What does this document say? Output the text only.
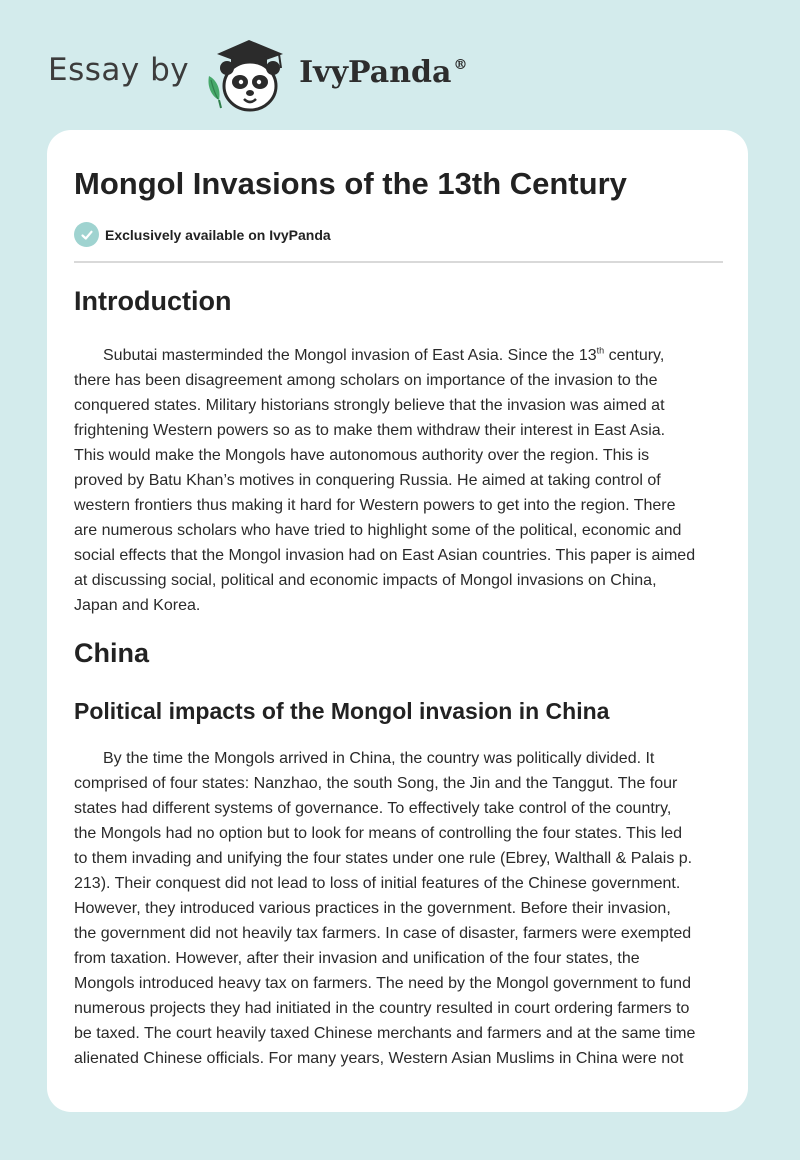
Essay by	IvyPanda®
Mongol Invasions of the 13th Century
Exclusively available on IvyPanda
Introduction

Subutai masterminded the Mongol invasion of East Asia. Since the 13th century,
there has been disagreement among scholars on importance of the invasion to the
conquered states. Military historians strongly believe that the invasion was aimed at
frightening Western powers so as to make them withdraw their interest in East Asia.
This would make the Mongols have autonomous authority over the region. This is
proved by Batu Khan’s motives in conquering Russia. He aimed at taking control of
western frontiers thus making it hard for Western powers to get into the region. There
are numerous scholars who have tried to highlight some of the political, economic and
social effects that the Mongol invasion had on East Asian countries. This paper is aimed
at discussing social, political and economic impacts of Mongol invasions on China,
Japan and Korea.

China
Political impacts of the Mongol invasion in China

By the time the Mongols arrived in China, the country was politically divided. It
comprised of four states: Nanzhao, the south Song, the Jin and the Tanggut. The four
states had different systems of governance. To effectively take control of the country,
the Mongols had no option but to look for means of controlling the four states. This led
to them invading and unifying the four states under one rule (Ebrey, Walthall & Palais p.
213). Their conquest did not lead to loss of initial features of the Chinese government.
However, they introduced various practices in the government. Before their invasion,
the government did not heavily tax farmers. In case of disaster, farmers were exempted
from taxation. However, after their invasion and unification of the four states, the
Mongols introduced heavy tax on farmers. The need by the Mongol government to fund
numerous projects they had initiated in the country resulted in court ordering farmers to
be taxed. The court heavily taxed Chinese merchants and farmers and at the same time
alienated Chinese officials. For many years, Western Asian Muslims in China were not
